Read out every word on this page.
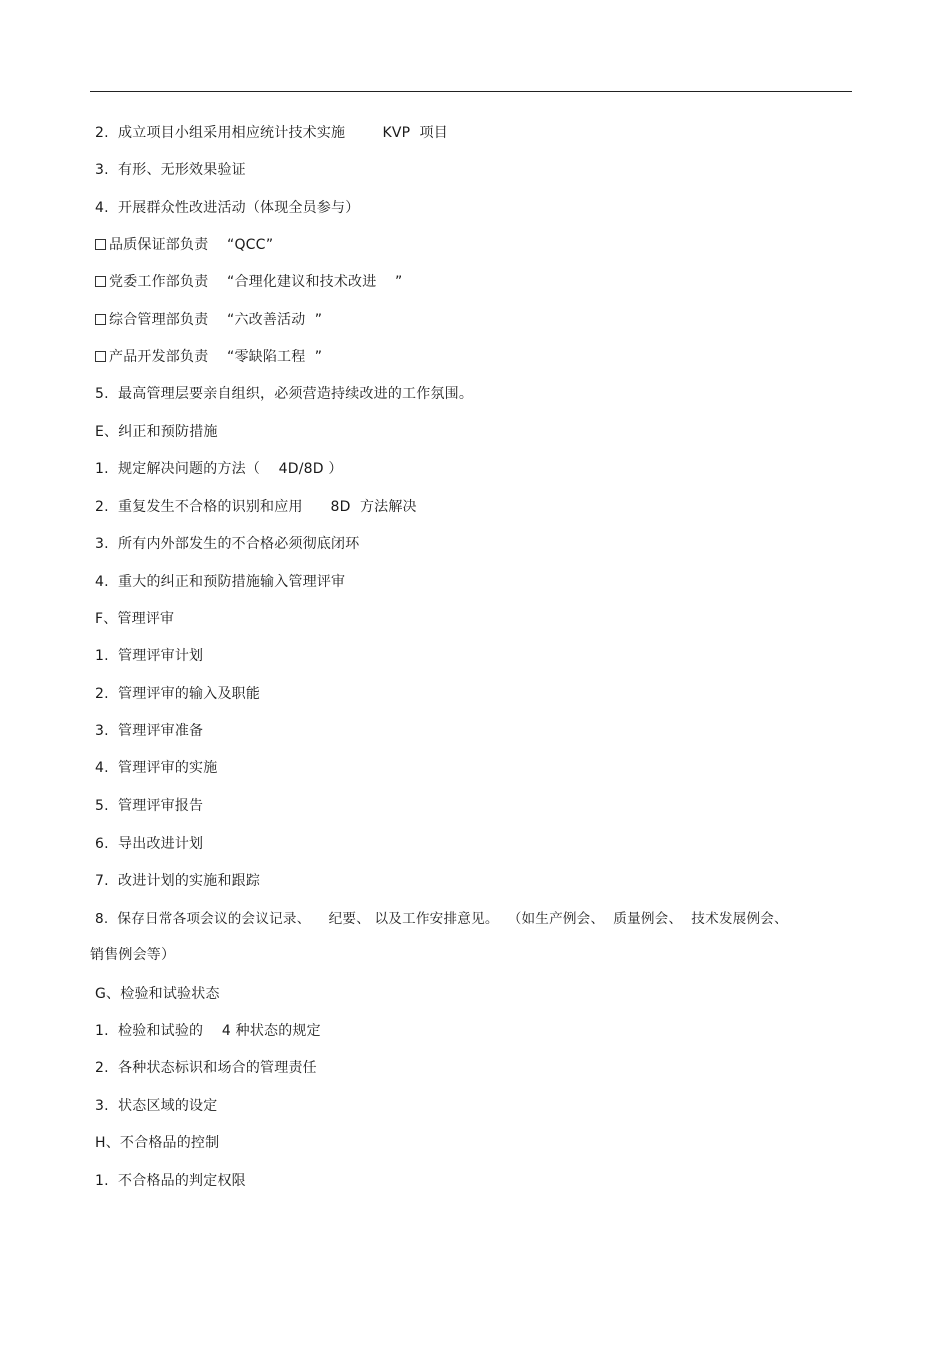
2.  成立项目小组采用相应统计技术实施        KVP  项目
3.  有形、无形效果验证
4.  开展群众性改进活动（体现全员参与）
品质保证部负责    “QCC”
党委工作部负责    “合理化建议和技术改进    ”
综合管理部负责    “六改善活动  ”
产品开发部负责    “零缺陷工程  ”
5.  最高管理层要亲自组织，必须营造持续改进的工作氛围。
E、纠正和预防措施
1.  规定解决问题的方法（    4D/8D ）
2.  重复发生不合格的识别和应用      8D  方法解决
3.  所有内外部发生的不合格必须彻底闭环
4.  重大的纠正和预防措施输入管理评审
F、管理评审
1.  管理评审计划
2.  管理评审的输入及职能
3.  管理评审准备
4.  管理评审的实施
5.  管理评审报告
6.  导出改进计划
7.  改进计划的实施和跟踪
8.  保存日常各项会议的会议记录、    纪要、 以及工作安排意见。  （如生产例会、  质量例会、  技术发展例会、
销售例会等）
G、检验和试验状态
1.  检验和试验的    4 种状态的规定
2.  各种状态标识和场合的管理责任
3.  状态区域的设定
H、不合格品的控制
1.  不合格品的判定权限
